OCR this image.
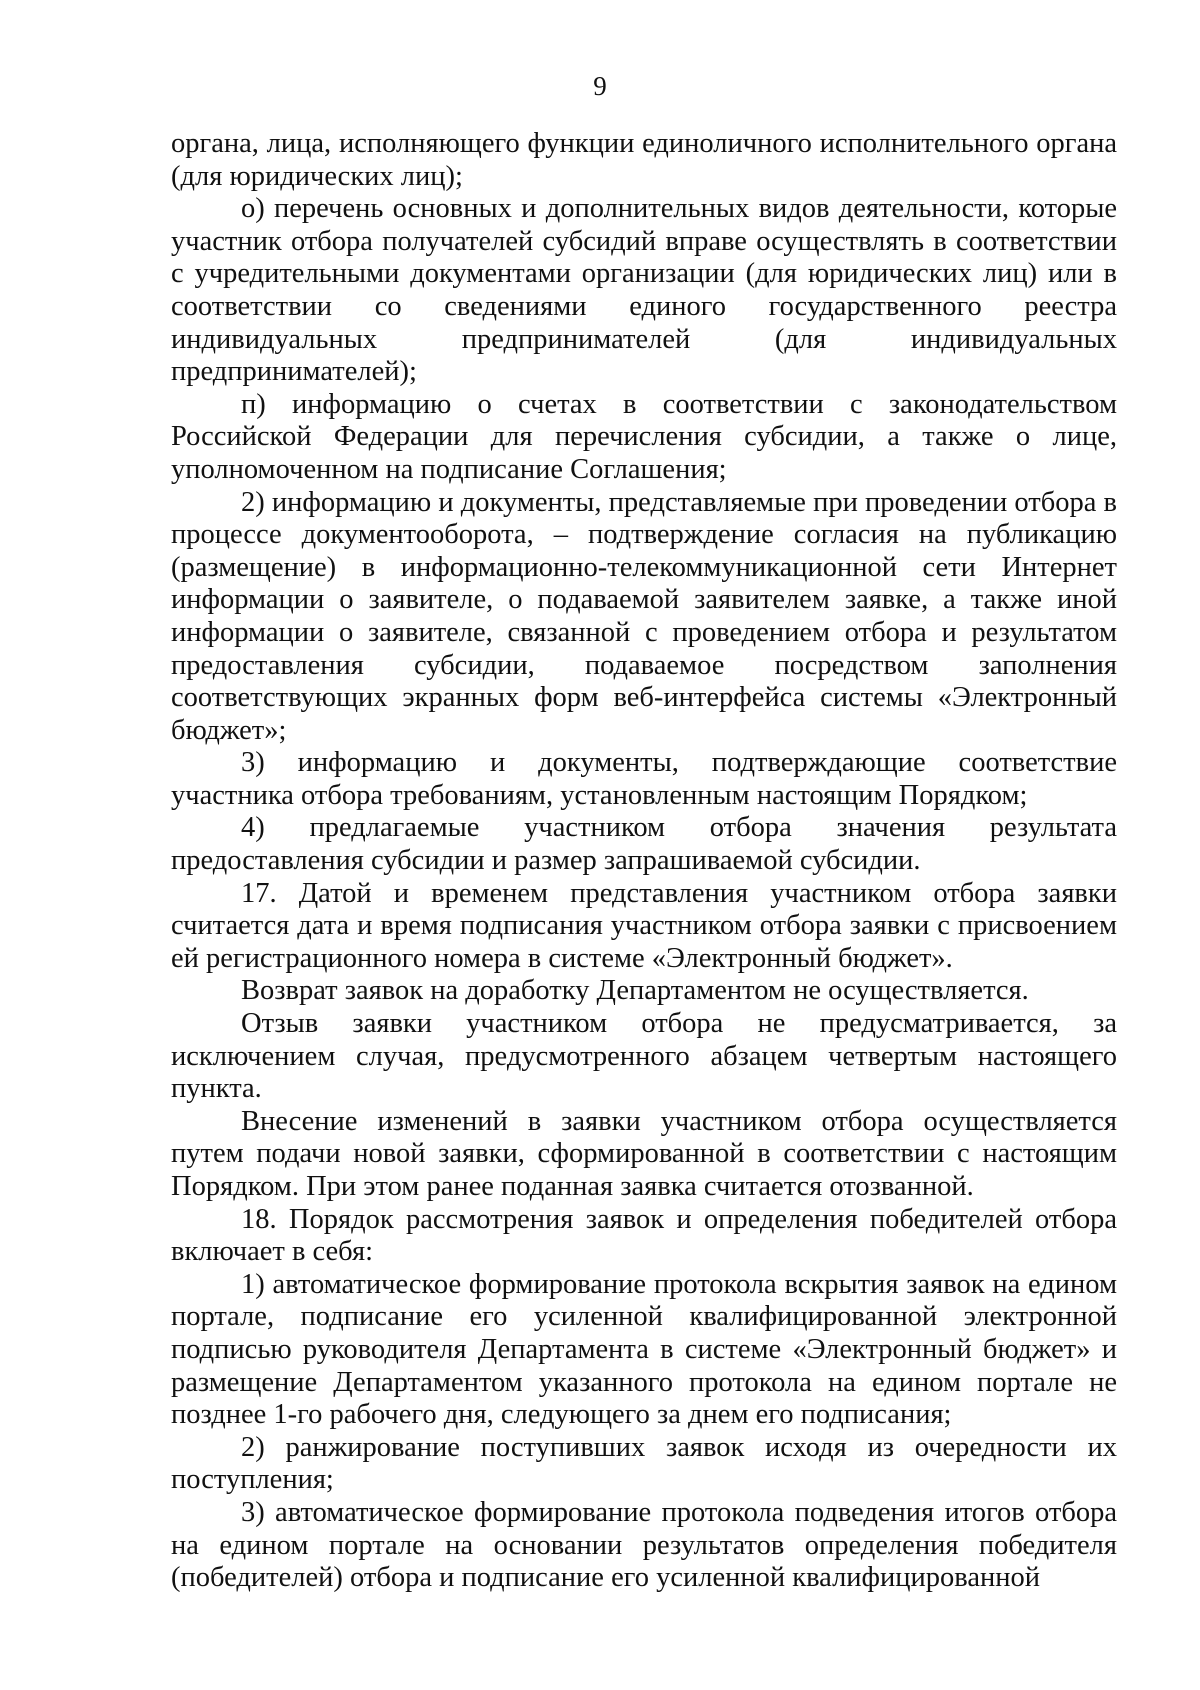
9

органа, лица, исполняющего функции единоличного исполнительного органа (для юридических лиц);

о) перечень основных и дополнительных видов деятельности, которые участник отбора получателей субсидий вправе осуществлять в соответствии с учредительными документами организации (для юридических лиц) или в соответствии со сведениями единого государственного реестра индивидуальных предпринимателей (для индивидуальных предпринимателей);

п) информацию о счетах в соответствии с законодательством Российской Федерации для перечисления субсидии, а также о лице, уполномоченном на подписание Соглашения;

2) информацию и документы, представляемые при проведении отбора в процессе документооборота, – подтверждение согласия на публикацию (размещение) в информационно-телекоммуникационной сети Интернет информации о заявителе, о подаваемой заявителем заявке, а также иной информации о заявителе, связанной с проведением отбора и результатом предоставления субсидии, подаваемое посредством заполнения соответствующих экранных форм веб-интерфейса системы «Электронный бюджет»;

3) информацию и документы, подтверждающие соответствие участника отбора требованиям, установленным настоящим Порядком;

4) предлагаемые участником отбора значения результата предоставления субсидии и размер запрашиваемой субсидии.

17. Датой и временем представления участником отбора заявки считается дата и время подписания участником отбора заявки с присвоением ей регистрационного номера в системе «Электронный бюджет».

Возврат заявок на доработку Департаментом не осуществляется.

Отзыв заявки участником отбора не предусматривается, за исключением случая, предусмотренного абзацем четвертым настоящего пункта.

Внесение изменений в заявки участником отбора осуществляется путем подачи новой заявки, сформированной в соответствии с настоящим Порядком. При этом ранее поданная заявка считается отозванной.

18. Порядок рассмотрения заявок и определения победителей отбора включает в себя:

1) автоматическое формирование протокола вскрытия заявок на едином портале, подписание его усиленной квалифицированной электронной подписью руководителя Департамента в системе «Электронный бюджет» и размещение Департаментом указанного протокола на едином портале не позднее 1-го рабочего дня, следующего за днем его подписания;

2) ранжирование поступивших заявок исходя из очередности их поступления;

3) автоматическое формирование протокола подведения итогов отбора на едином портале на основании результатов определения победителя (победителей) отбора и подписание его усиленной квалифицированной
